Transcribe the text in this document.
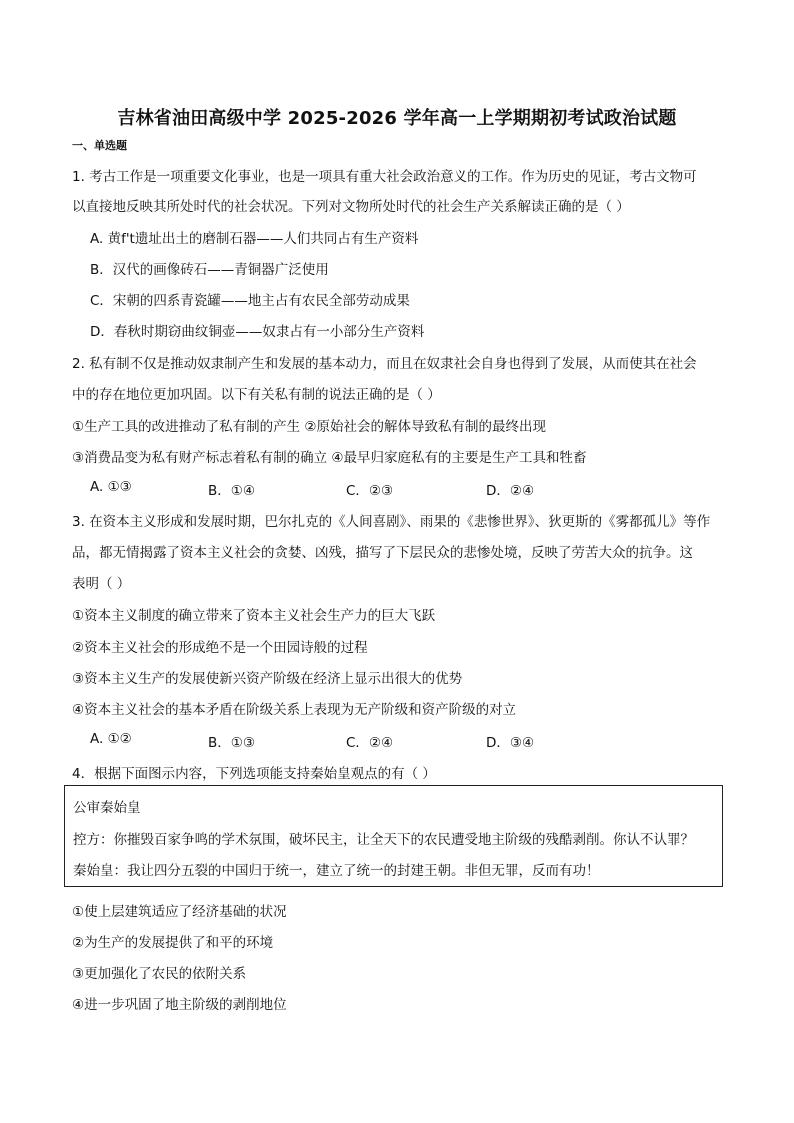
吉林省油田高级中学 2025-2026 学年高一上学期期初考试政治试题
一、单选题
1. 考古工作是一项重要文化事业，也是一项具有重大社会政治意义的工作。作为历史的见证，考古文物可
以直接地反映其所处时代的社会状况。下列对文物所处时代的社会生产关系解读正确的是（ ）
A. 黄f't遗址出土的磨制石器——人们共同占有生产资料
B．汉代的画像砖石——青铜器广泛使用
C．宋朝的四系青瓷罐——地主占有农民全部劳动成果
D．春秋时期窃曲纹铜壶——奴隶占有一小部分生产资料
2. 私有制不仅是推动奴隶制产生和发展的基本动力，而且在奴隶社会自身也得到了发展，从而使其在社会
中的存在地位更加巩固。以下有关私有制的说法正确的是（ ）
①生产工具的改进推动了私有制的产生 ②原始社会的解体导致私有制的最终出现
③消费品变为私有财产标志着私有制的确立 ④最早归家庭私有的主要是生产工具和牲畜
A. ①③	B．①④	C．②③	D．②④
3. 在资本主义形成和发展时期，巴尔扎克的《人间喜剧》、雨果的《悲惨世界》、狄更斯的《雾都孤儿》等作
品，都无情揭露了资本主义社会的贪婪、凶残，描写了下层民众的悲惨处境，反映了劳苦大众的抗争。这
表明（ ）
①资本主义制度的确立带来了资本主义社会生产力的巨大飞跃
②资本主义社会的形成绝不是一个田园诗般的过程
③资本主义生产的发展使新兴资产阶级在经济上显示出很大的优势
④资本主义社会的基本矛盾在阶级关系上表现为无产阶级和资产阶级的对立
A. ①②	B．①③	C．②④	D．③④
4．根据下面图示内容，下列选项能支持秦始皇观点的有（ ）
公审秦始皇
控方：你摧毁百家争鸣的学术氛围，破坏民主，让全天下的农民遭受地主阶级的残酷剥削。你认不认罪？
秦始皇：我让四分五裂的中国归于统一，建立了统一的封建王朝。非但无罪，反而有功！
①使上层建筑适应了经济基础的状况
②为生产的发展提供了和平的环境
③更加强化了农民的依附关系
④进一步巩固了地主阶级的剥削地位
